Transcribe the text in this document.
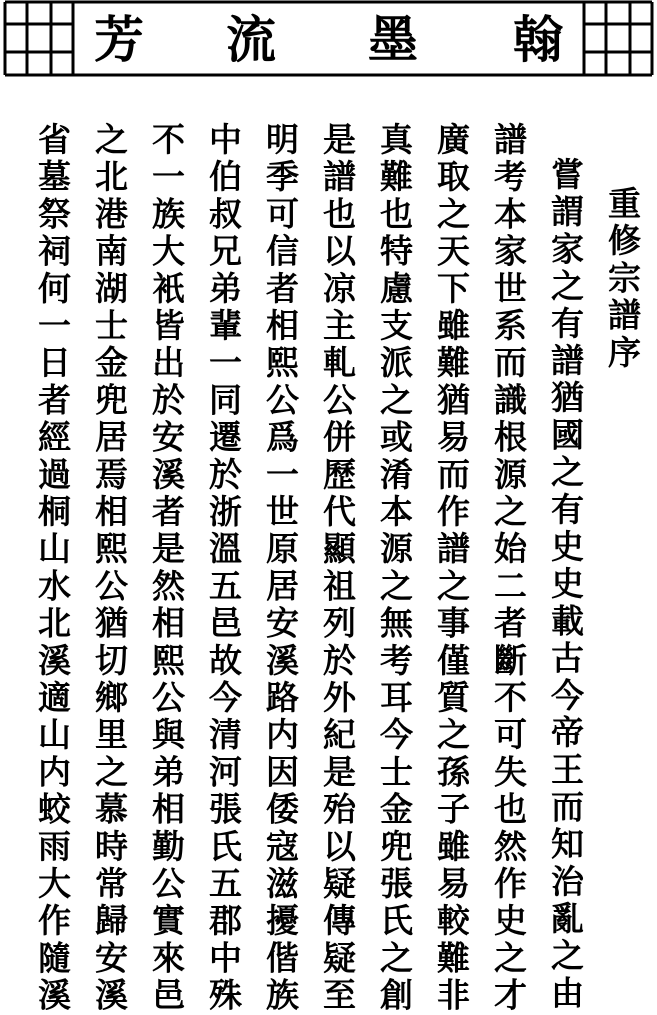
芳 流 墨 翰
重修宗譜序
嘗謂家之有譜猶國之有史史載古今帝王而知治亂之由
譜考本家世系而識根源之始二者斷不可失也然作史之才
廣取之天下雖難猶易而作譜之事僅質之孫子雖易較難非
真難也特慮支派之或淆本源之無考耳今士金兜張氏之創
是譜也以凉主軋公併歷代顯祖列於外紀是殆以疑傳疑至
明季可信者相熙公爲一世原居安溪路内因倭寇滋擾偕族
中伯叔兄弟輩一同遷於浙溫五邑故今清河張氏五郡中殊
不一族大衹皆出於安溪者是然相熙公與弟相勤公實來邑
之北港南湖士金兜居焉相熙公猶切鄉里之慕時常歸安溪
省墓祭祠何一日者經過桐山水北溪適山内蛟雨大作隨溪
